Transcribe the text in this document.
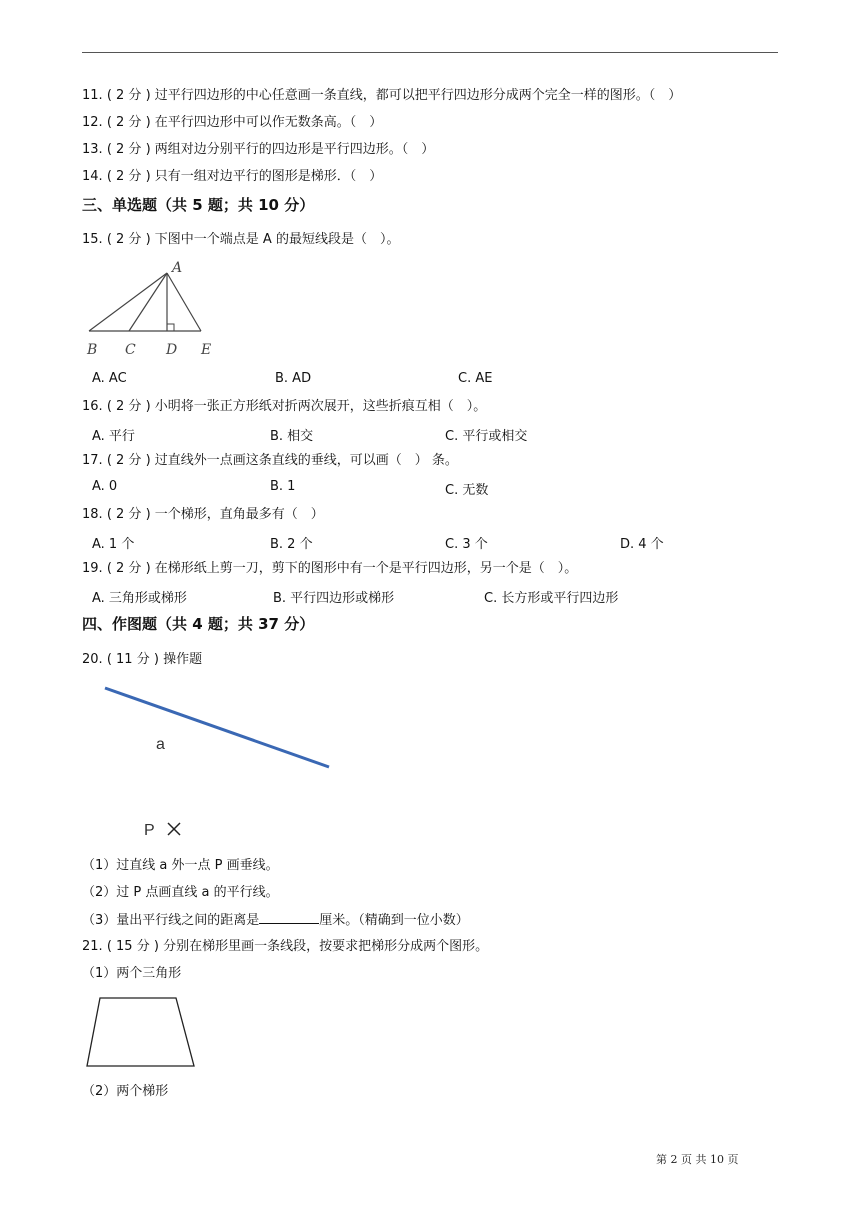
11. ( 2 分 ) 过平行四边形的中心任意画一条直线，都可以把平行四边形分成两个完全一样的图形。（　）
12. ( 2 分 ) 在平行四边形中可以作无数条高。（　）
13. ( 2 分 ) 两组对边分别平行的四边形是平行四边形。（　）
14. ( 2 分 ) 只有一组对边平行的图形是梯形．（　）
三、单选题（共 5 题；共 10 分）
15. ( 2 分 ) 下图中一个端点是 A 的最短线段是（　）。
A
B C D E
A. AC	B. AD	C. AE
16. ( 2 分 ) 小明将一张正方形纸对折两次展开，这些折痕互相（　）。
A. 平行	B. 相交	C. 平行或相交
17. ( 2 分 ) 过直线外一点画这条直线的垂线，可以画（　） 条。
A. 0	B. 1	C. 无数
18. ( 2 分 ) 一个梯形，直角最多有（　）
A. 1 个	B. 2 个	C. 3 个	D. 4 个
19. ( 2 分 ) 在梯形纸上剪一刀，剪下的图形中有一个是平行四边形，另一个是（　）。
A. 三角形或梯形	B. 平行四边形或梯形	C. 长方形或平行四边形
四、作图题（共 4 题；共 37 分）
20. ( 11 分 ) 操作题
a
P
（1）过直线 a 外一点 P 画垂线。
（2）过 P 点画直线 a 的平行线。
（3）量出平行线之间的距离是	厘米。（精确到一位小数）
21. ( 15 分 ) 分别在梯形里画一条线段，按要求把梯形分成两个图形。
（1）两个三角形
（2）两个梯形
第 2 页 共 10 页
